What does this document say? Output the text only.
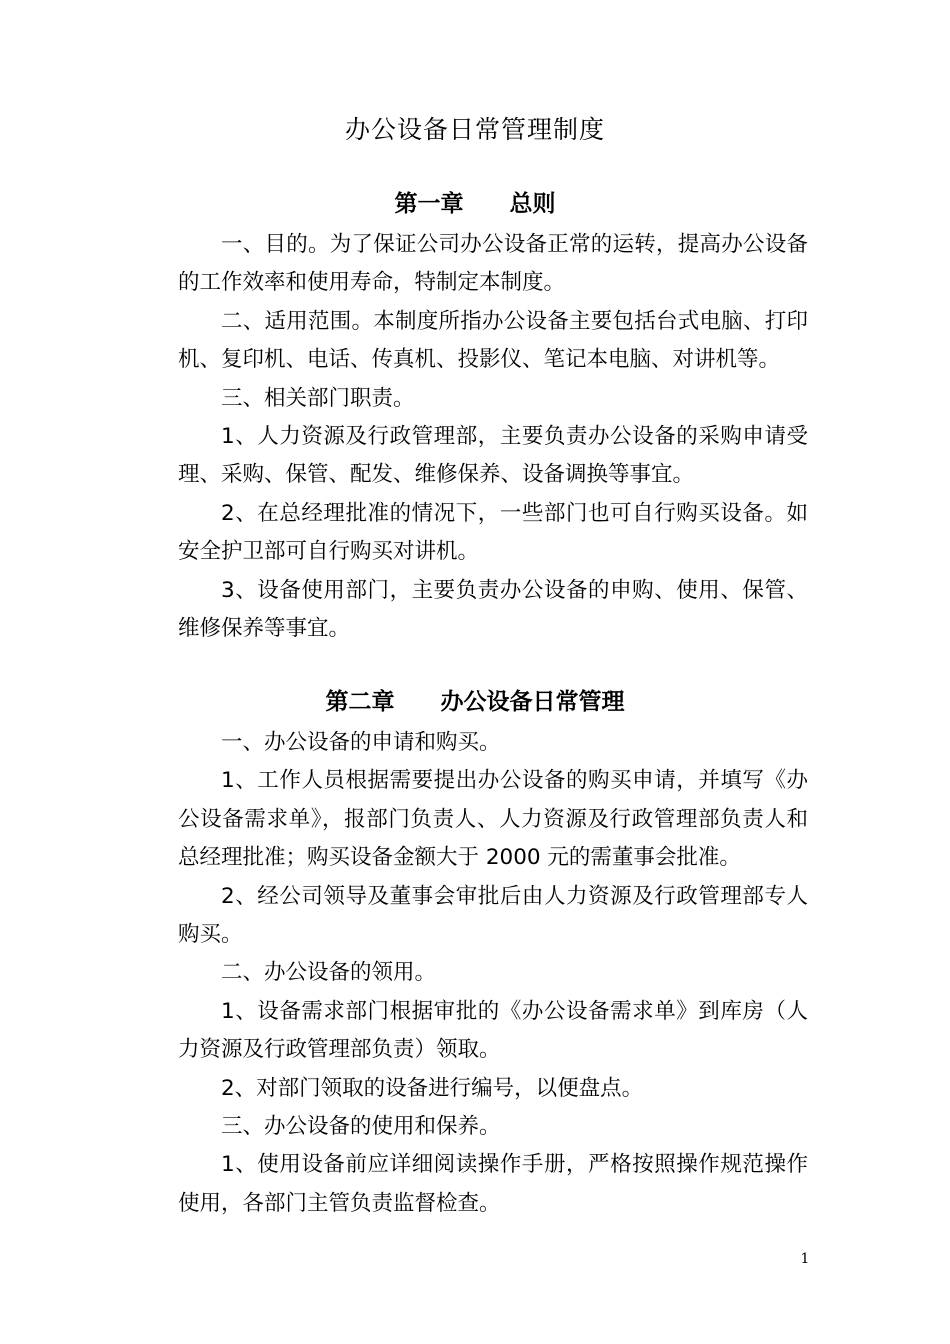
办公设备日常管理制度
第一章　　总则

一、目的。为了保证公司办公设备正常的运转，提高办公设备的工作效率和使用寿命，特制定本制度。

二、适用范围。本制度所指办公设备主要包括台式电脑、打印机、复印机、电话、传真机、投影仪、笔记本电脑、对讲机等。

三、相关部门职责。

1、人力资源及行政管理部，主要负责办公设备的采购申请受理、采购、保管、配发、维修保养、设备调换等事宜。

2、在总经理批准的情况下，一些部门也可自行购买设备。如安全护卫部可自行购买对讲机。

3、设备使用部门，主要负责办公设备的申购、使用、保管、维修保养等事宜。

第二章　　办公设备日常管理

一、办公设备的申请和购买。

1、工作人员根据需要提出办公设备的购买申请，并填写《办公设备需求单》，报部门负责人、人力资源及行政管理部负责人和总经理批准；购买设备金额大于 2000 元的需董事会批准。

2、经公司领导及董事会审批后由人力资源及行政管理部专人购买。

二、办公设备的领用。

1、设备需求部门根据审批的《办公设备需求单》到库房（人力资源及行政管理部负责）领取。

2、对部门领取的设备进行编号，以便盘点。

三、办公设备的使用和保养。

1、使用设备前应详细阅读操作手册，严格按照操作规范操作使用，各部门主管负责监督检查。

1
